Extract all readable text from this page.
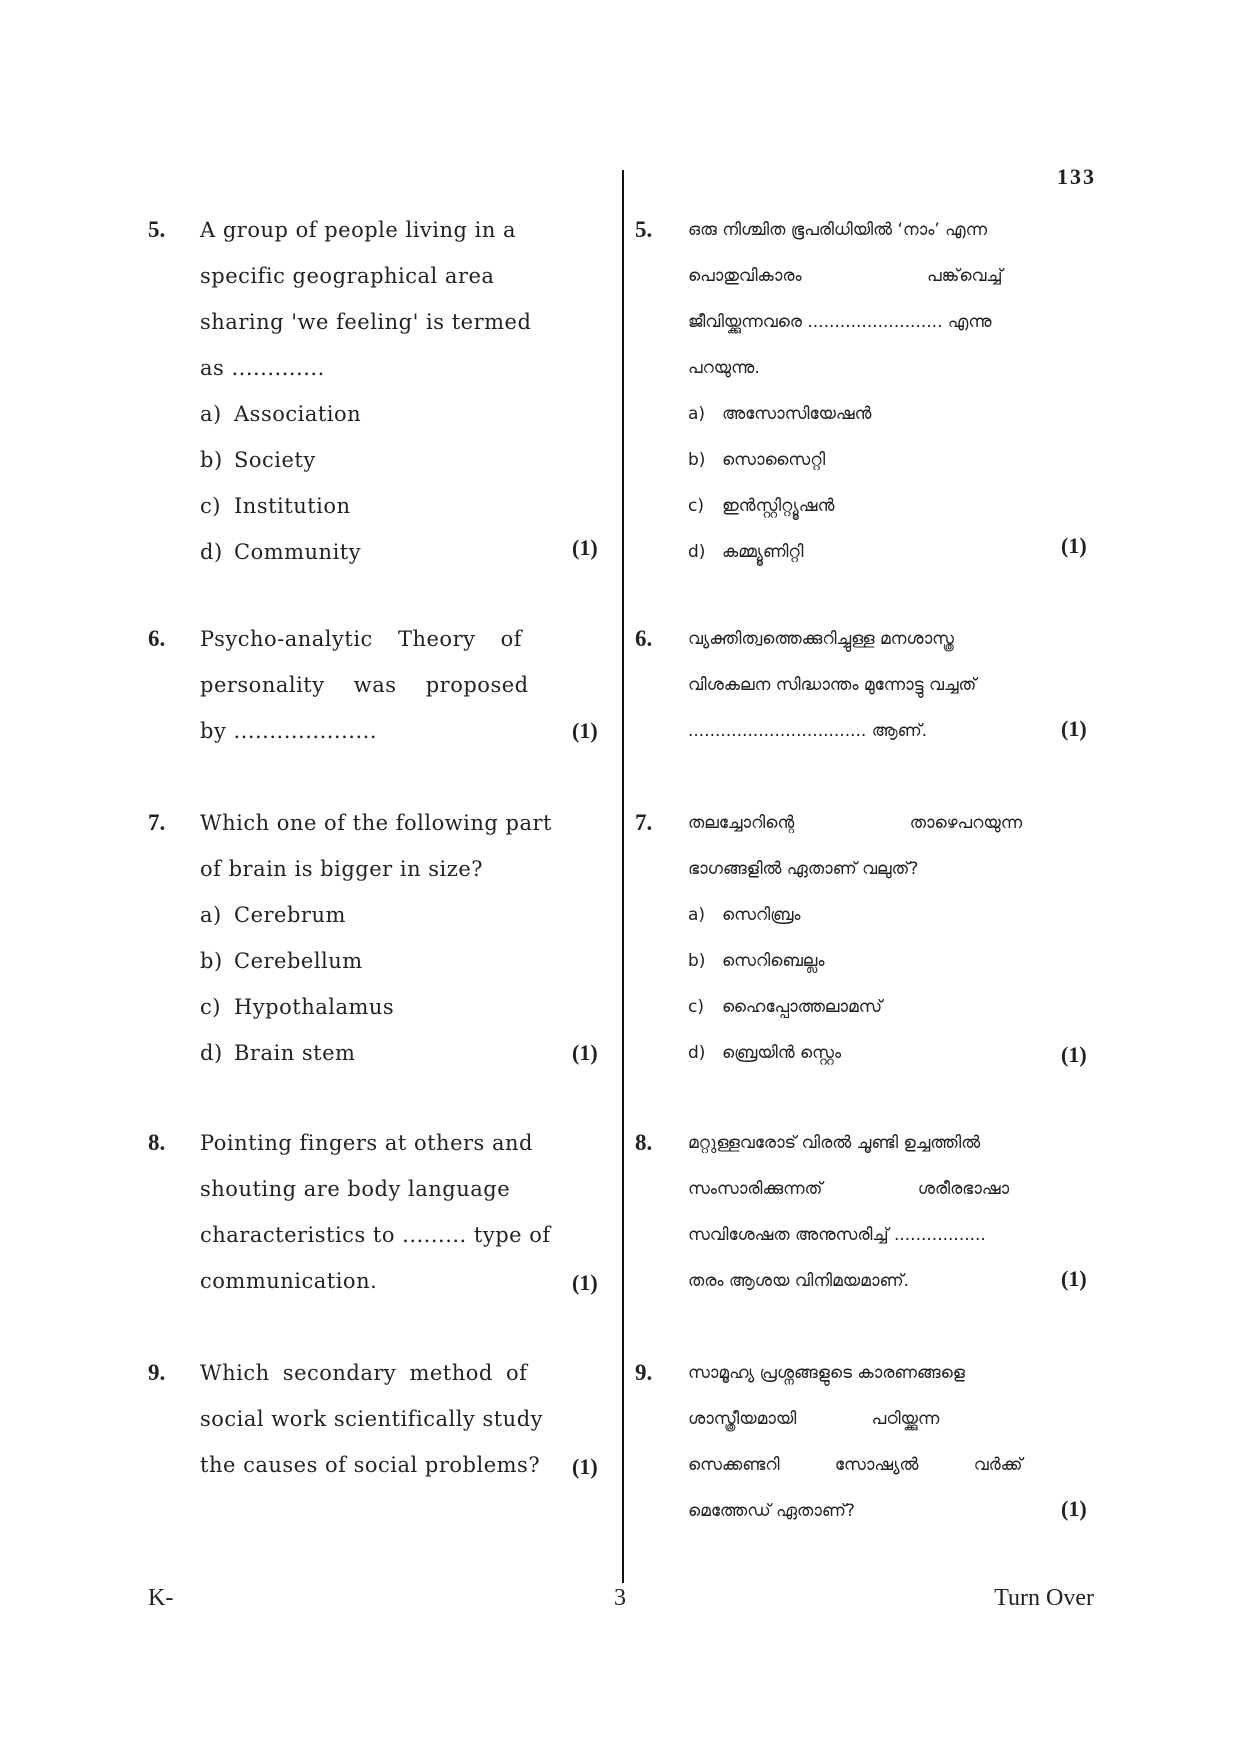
133
5. A group of people living in a
specific geographical area
sharing 'we feeling' is termed
as .............
a) Association
b) Society
c) Institution
d) Community	(1)
6. Psycho-analytic Theory of
personality was proposed
by ....................	(1)
7. Which one of the following part
of brain is bigger in size?
a) Cerebrum
b) Cerebellum
c) Hypothalamus
d) Brain stem	(1)
8. Pointing fingers at others and
shouting are body language
characteristics to ......... type of
communication.	(1)
9. Which secondary method of
social work scientifically study
the causes of social problems? (1)
5. ഒരു നിശ്ചിത ഭൂപരിധിയിൽ ‘നാം’ എന്ന
പൊതുവികാരം പങ്ക്‌വെച്ച്
ജീവിയ്ക്കുന്നവരെ ......................... എന്നു
പറയുന്നു.
a) അസോസിയേഷൻ
b) സൊസൈറ്റി
c) ഇൻസ്റ്റിറ്റ്യൂഷൻ
d) കമ്മ്യൂണിറ്റി	(1)
6. വ്യക്തിത്വത്തെക്കുറിച്ചുള്ള മനശാസ്ത്ര
വിശകലന സിദ്ധാന്തം മുന്നോട്ടു വച്ചത്
................................. ആണ്.	(1)
7. തലച്ചോറിന്റെ താഴെപറയുന്ന
ഭാഗങ്ങളിൽ ഏതാണ് വലുത്?
a) സെറിബ്രം
b) സെറിബെല്ലം
c) ഹൈപ്പോത്തലാമസ്
d) ബ്രെയിൻ സ്റ്റെം	(1)
8. മറ്റുള്ളവരോട് വിരൽ ചൂണ്ടി ഉച്ചത്തിൽ
സംസാരിക്കുന്നത് ശരീരഭാഷാ
സവിശേഷത അനുസരിച്ച് .................
തരം ആശയ വിനിമയമാണ്.	(1)
9. സാമൂഹ്യ പ്രശ്നങ്ങളുടെ കാരണങ്ങളെ
ശാസ്ത്രീയമായി പഠിയ്ക്കുന്ന
സെക്കണ്ടറി സോഷ്യൽ വർക്ക്
മെത്തേഡ് ഏതാണ്?	(1)
K-	3	Turn Over
